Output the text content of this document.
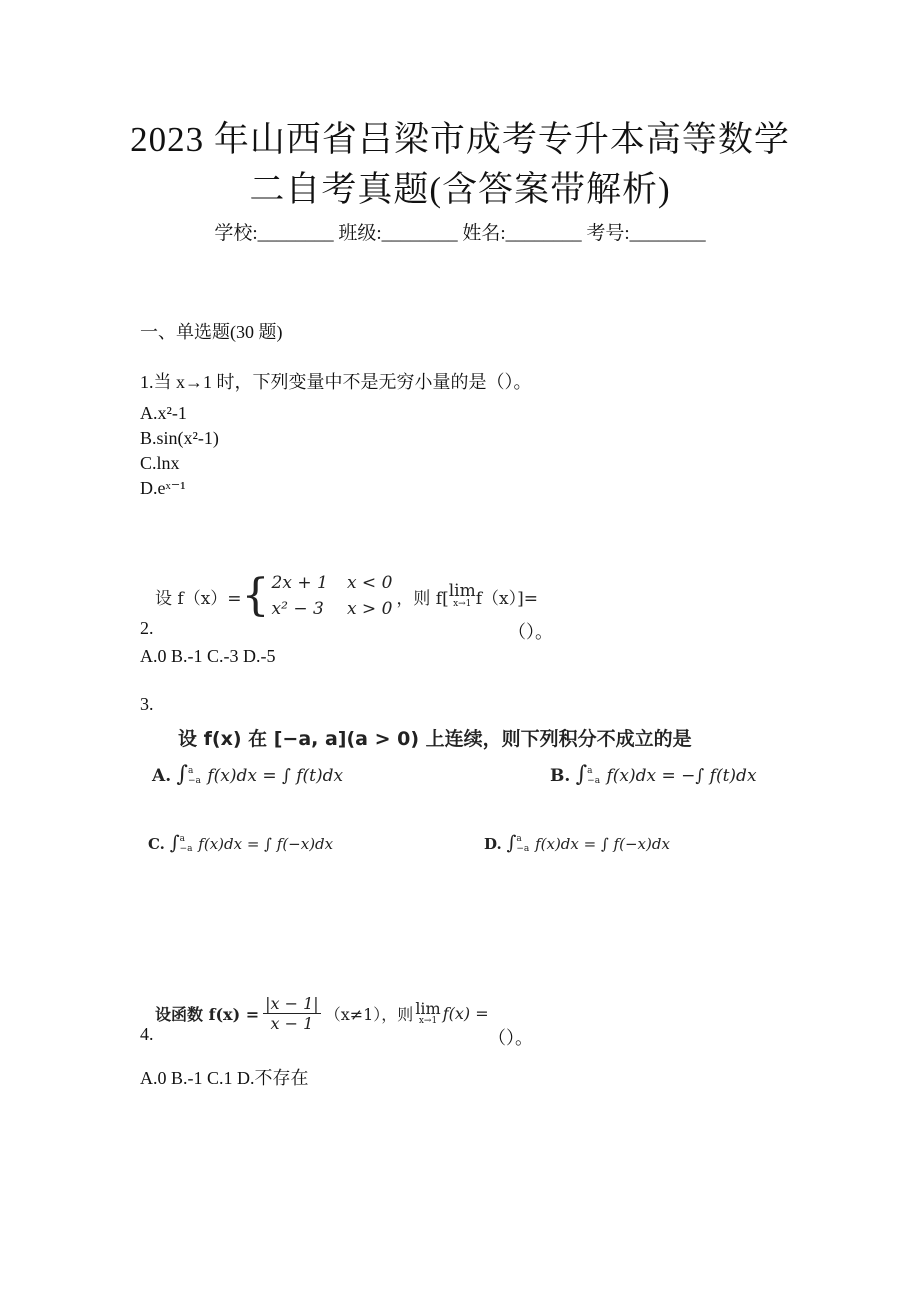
2023 年山西省吕梁市成考专升本高等数学
二自考真题(含答案带解析)
学校:________ 班级:________ 姓名:________ 考号:________
一、单选题(30 题)
1.当 x→1 时，下列变量中不是无穷小量的是（）。
A.x²-1
B.sin(x²-1)
C.lnx
D.eˣ⁻¹
2.
设 f（x）= { 2x + 1 x < 0
x² − 3 x > 0
，则 f[ lim
x→1 f（x）]=
（）。
A.0 B.-1 C.-3 D.-5
3.
设 f(x) 在 [−a, a](a > 0) 上连续，则下列积分不成立的是
A. ∫ a
−a f(x)dx = ∫ f(t)dx	B. ∫ a
−a f(x)dx = −∫ f(t)dx
C. ∫ a
−a f(x)dx = ∫ f(−x)dx	D. ∫ a
−a f(x)dx = ∫ f(−x)dx
4.
设函数 $f(x) = \frac{|x - 1|}{x - 1} (x\ne 1)$，则 lim
x→1 f(x) =
（）。
A.0 B.-1 C.1 D.不存在
